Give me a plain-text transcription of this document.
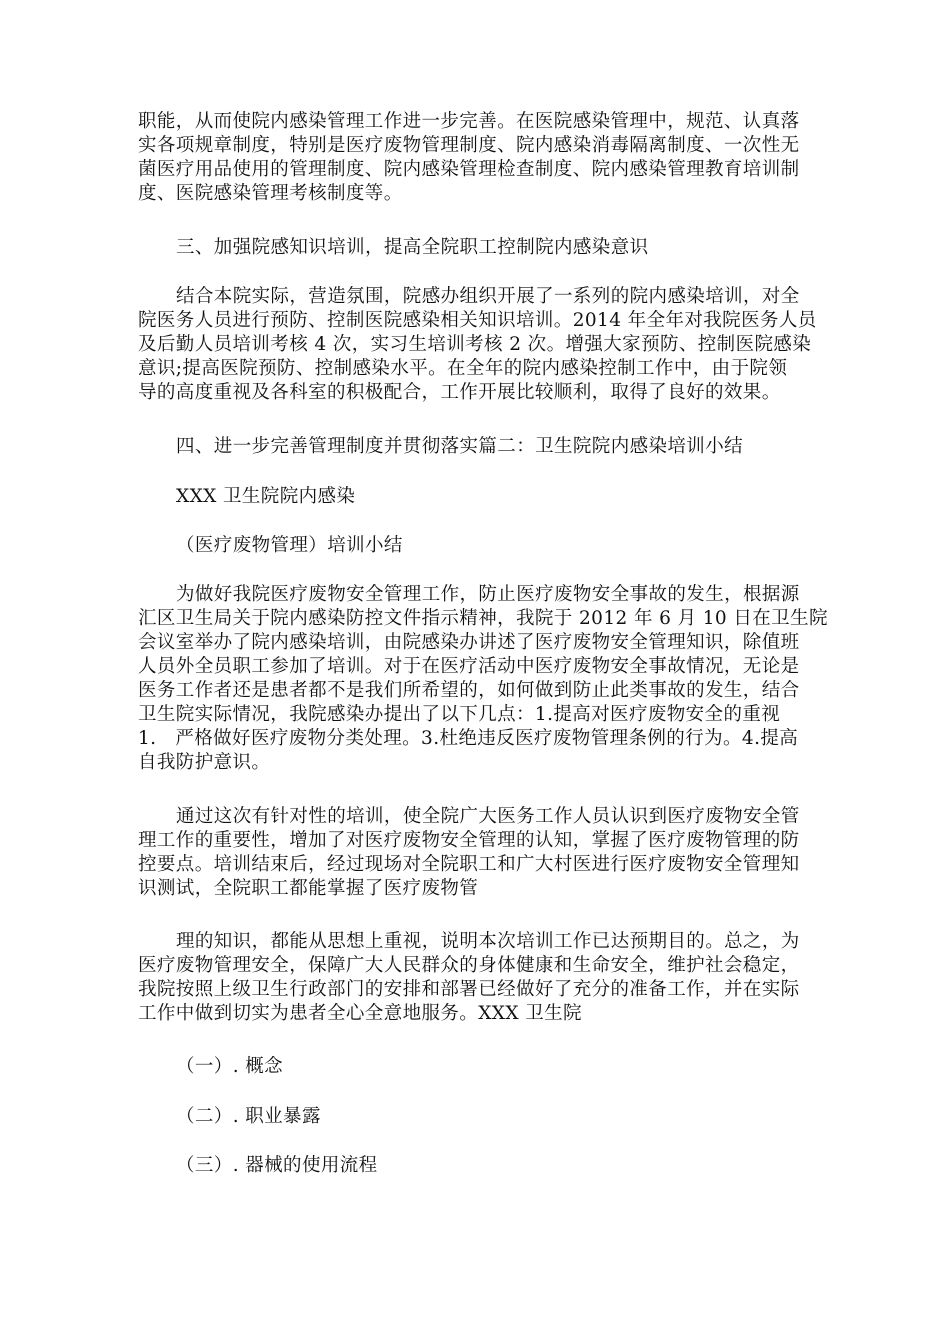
职能，从而使院内感染管理工作进一步完善。在医院感染管理中，规范、认真落
实各项规章制度，特别是医疗废物管理制度、院内感染消毒隔离制度、一次性无
菌医疗用品使用的管理制度、院内感染管理检查制度、院内感染管理教育培训制
度、医院感染管理考核制度等。
三、加强院感知识培训，提高全院职工控制院内感染意识
结合本院实际，营造氛围，院感办组织开展了一系列的院内感染培训，对全
院医务人员进行预防、控制医院感染相关知识培训。2014 年全年对我院医务人员
及后勤人员培训考核 4 次，实习生培训考核 2 次。增强大家预防、控制医院感染
意识;提高医院预防、控制感染水平。在全年的院内感染控制工作中，由于院领
导的高度重视及各科室的积极配合，工作开展比较顺利，取得了良好的效果。
四、进一步完善管理制度并贯彻落实篇二：卫生院院内感染培训小结
XXX 卫生院院内感染
（医疗废物管理）培训小结
为做好我院医疗废物安全管理工作，防止医疗废物安全事故的发生，根据源
汇区卫生局关于院内感染防控文件指示精神，我院于 2012 年 6 月 10 日在卫生院
会议室举办了院内感染培训，由院感染办讲述了医疗废物安全管理知识，除值班
人员外全员职工参加了培训。对于在医疗活动中医疗废物安全事故情况，无论是
医务工作者还是患者都不是我们所希望的，如何做到防止此类事故的发生，结合
卫生院实际情况，我院感染办提出了以下几点：1.提高对医疗废物安全的重视
1.　严格做好医疗废物分类处理。3.杜绝违反医疗废物管理条例的行为。4.提高
自我防护意识。
通过这次有针对性的培训，使全院广大医务工作人员认识到医疗废物安全管
理工作的重要性，增加了对医疗废物安全管理的认知，掌握了医疗废物管理的防
控要点。培训结束后，经过现场对全院职工和广大村医进行医疗废物安全管理知
识测试，全院职工都能掌握了医疗废物管
理的知识，都能从思想上重视，说明本次培训工作已达预期目的。总之，为
医疗废物管理安全，保障广大人民群众的身体健康和生命安全，维护社会稳定，
我院按照上级卫生行政部门的安排和部署已经做好了充分的准备工作，并在实际
工作中做到切实为患者全心全意地服务。XXX 卫生院
（一）. 概念
（二）. 职业暴露
（三）. 器械的使用流程
